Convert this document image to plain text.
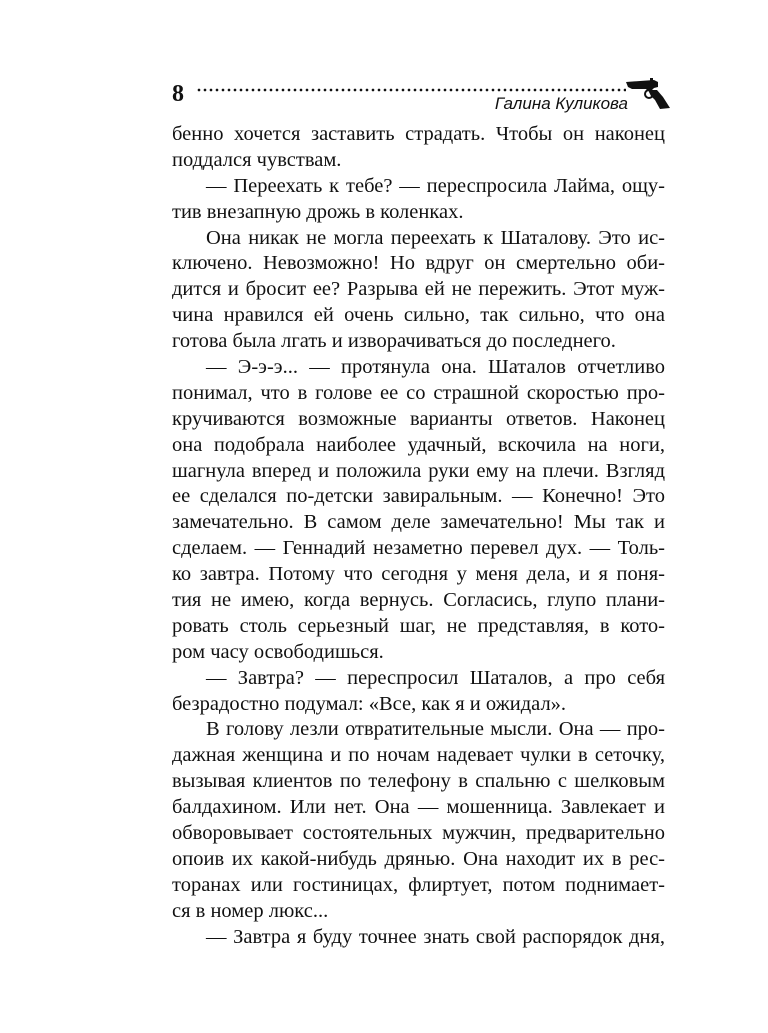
8	Галина Куликова
бенно хочется заставить страдать. Чтобы он наконец
поддался чувствам.
— Переехать к тебе? — переспросила Лайма, ощу-
тив внезапную дрожь в коленках.
Она никак не могла переехать к Шаталову. Это ис-
ключено. Невозможно! Но вдруг он смертельно оби-
дится и бросит ее? Разрыва ей не пережить. Этот муж-
чина нравился ей очень сильно, так сильно, что она
готова была лгать и изворачиваться до последнего.
— Э-э-э... — протянула она. Шаталов отчетливо
понимал, что в голове ее со страшной скоростью про-
кручиваются возможные варианты ответов. Наконец
она подобрала наиболее удачный, вскочила на ноги,
шагнула вперед и положила руки ему на плечи. Взгляд
ее сделался по-детски завиральным. — Конечно! Это
замечательно. В самом деле замечательно! Мы так и
сделаем. — Геннадий незаметно перевел дух. — Толь-
ко завтра. Потому что сегодня у меня дела, и я поня-
тия не имею, когда вернусь. Согласись, глупо плани-
ровать столь серьезный шаг, не представляя, в кото-
ром часу освободишься.
— Завтра? — переспросил Шаталов, а про себя
безрадостно подумал: «Все, как я и ожидал».
В голову лезли отвратительные мысли. Она — про-
дажная женщина и по ночам надевает чулки в сеточку,
вызывая клиентов по телефону в спальню с шелковым
балдахином. Или нет. Она — мошенница. Завлекает и
обворовывает состоятельных мужчин, предварительно
опоив их какой-нибудь дрянью. Она находит их в рес-
торанах или гостиницах, флиртует, потом поднимает-
ся в номер люкс...
— Завтра я буду точнее знать свой распорядок дня,
